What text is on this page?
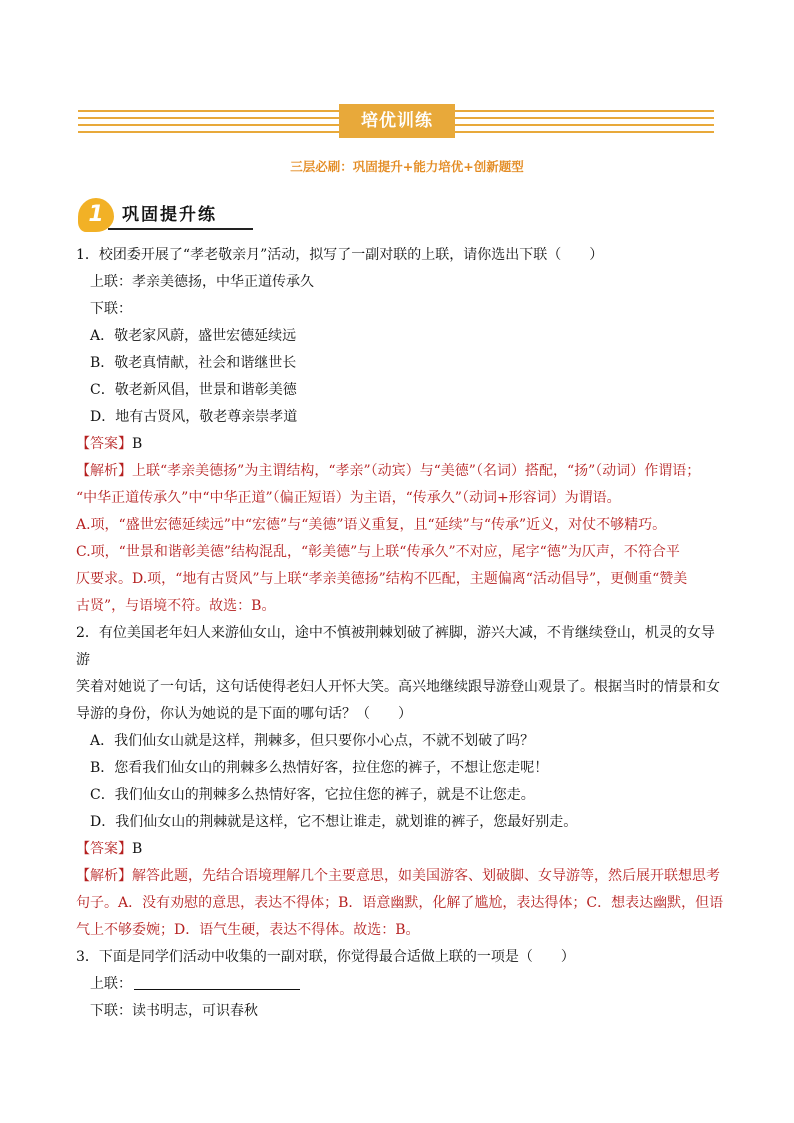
培优训练
三层必刷：巩固提升+能力培优+创新题型
1	巩固提升练

1．校团委开展了“孝老敬亲月”活动，拟写了一副对联的上联，请你选出下联（　　）

上联：孝亲美德扬，中华正道传承久

下联：

A．敬老家风蔚，盛世宏德延续远

B．敬老真情献，社会和谐继世长

C．敬老新风倡，世景和谐彰美德

D．地有古贤风，敬老尊亲崇孝道

【答案】B

【解析】上联“孝亲美德扬”为主谓结构，“孝亲”（动宾）与“美德”（名词）搭配，“扬”（动词）作谓语；

“中华正道传承久”中“中华正道”（偏正短语）为主语，“传承久”（动词+形容词）为谓语。

A.项，“盛世宏德延续远”中“宏德”与“美德”语义重复，且“延续”与“传承”近义，对仗不够精巧。

C.项，“世景和谐彰美德”结构混乱，“彰美德”与上联“传承久”不对应，尾字“德”为仄声，不符合平

仄要求。D.项，“地有古贤风”与上联“孝亲美德扬”结构不匹配，主题偏离“活动倡导”，更侧重“赞美

古贤”，与语境不符。故选：B。

2．有位美国老年妇人来游仙女山，途中不慎被荆棘划破了裤脚，游兴大减，不肯继续登山，机灵的女导游

笑着对她说了一句话，这句话使得老妇人开怀大笑。高兴地继续跟导游登山观景了。根据当时的情景和女

导游的身份，你认为她说的是下面的哪句话？（　　）

A．我们仙女山就是这样，荆棘多，但只要你小心点，不就不划破了吗？

B．您看我们仙女山的荆棘多么热情好客，拉住您的裤子，不想让您走呢！

C．我们仙女山的荆棘多么热情好客，它拉住您的裤子，就是不让您走。

D．我们仙女山的荆棘就是这样，它不想让谁走，就划谁的裤子，您最好别走。

【答案】B

【解析】解答此题，先结合语境理解几个主要意思，如美国游客、划破脚、女导游等，然后展开联想思考

句子。A．没有劝慰的意思，表达不得体；B．语意幽默，化解了尴尬，表达得体；C．想表达幽默，但语

气上不够委婉；D．语气生硬，表达不得体。故选：B。

3．下面是同学们活动中收集的一副对联，你觉得最合适做上联的一项是（　　）

上联：

下联：读书明志，可识春秋
